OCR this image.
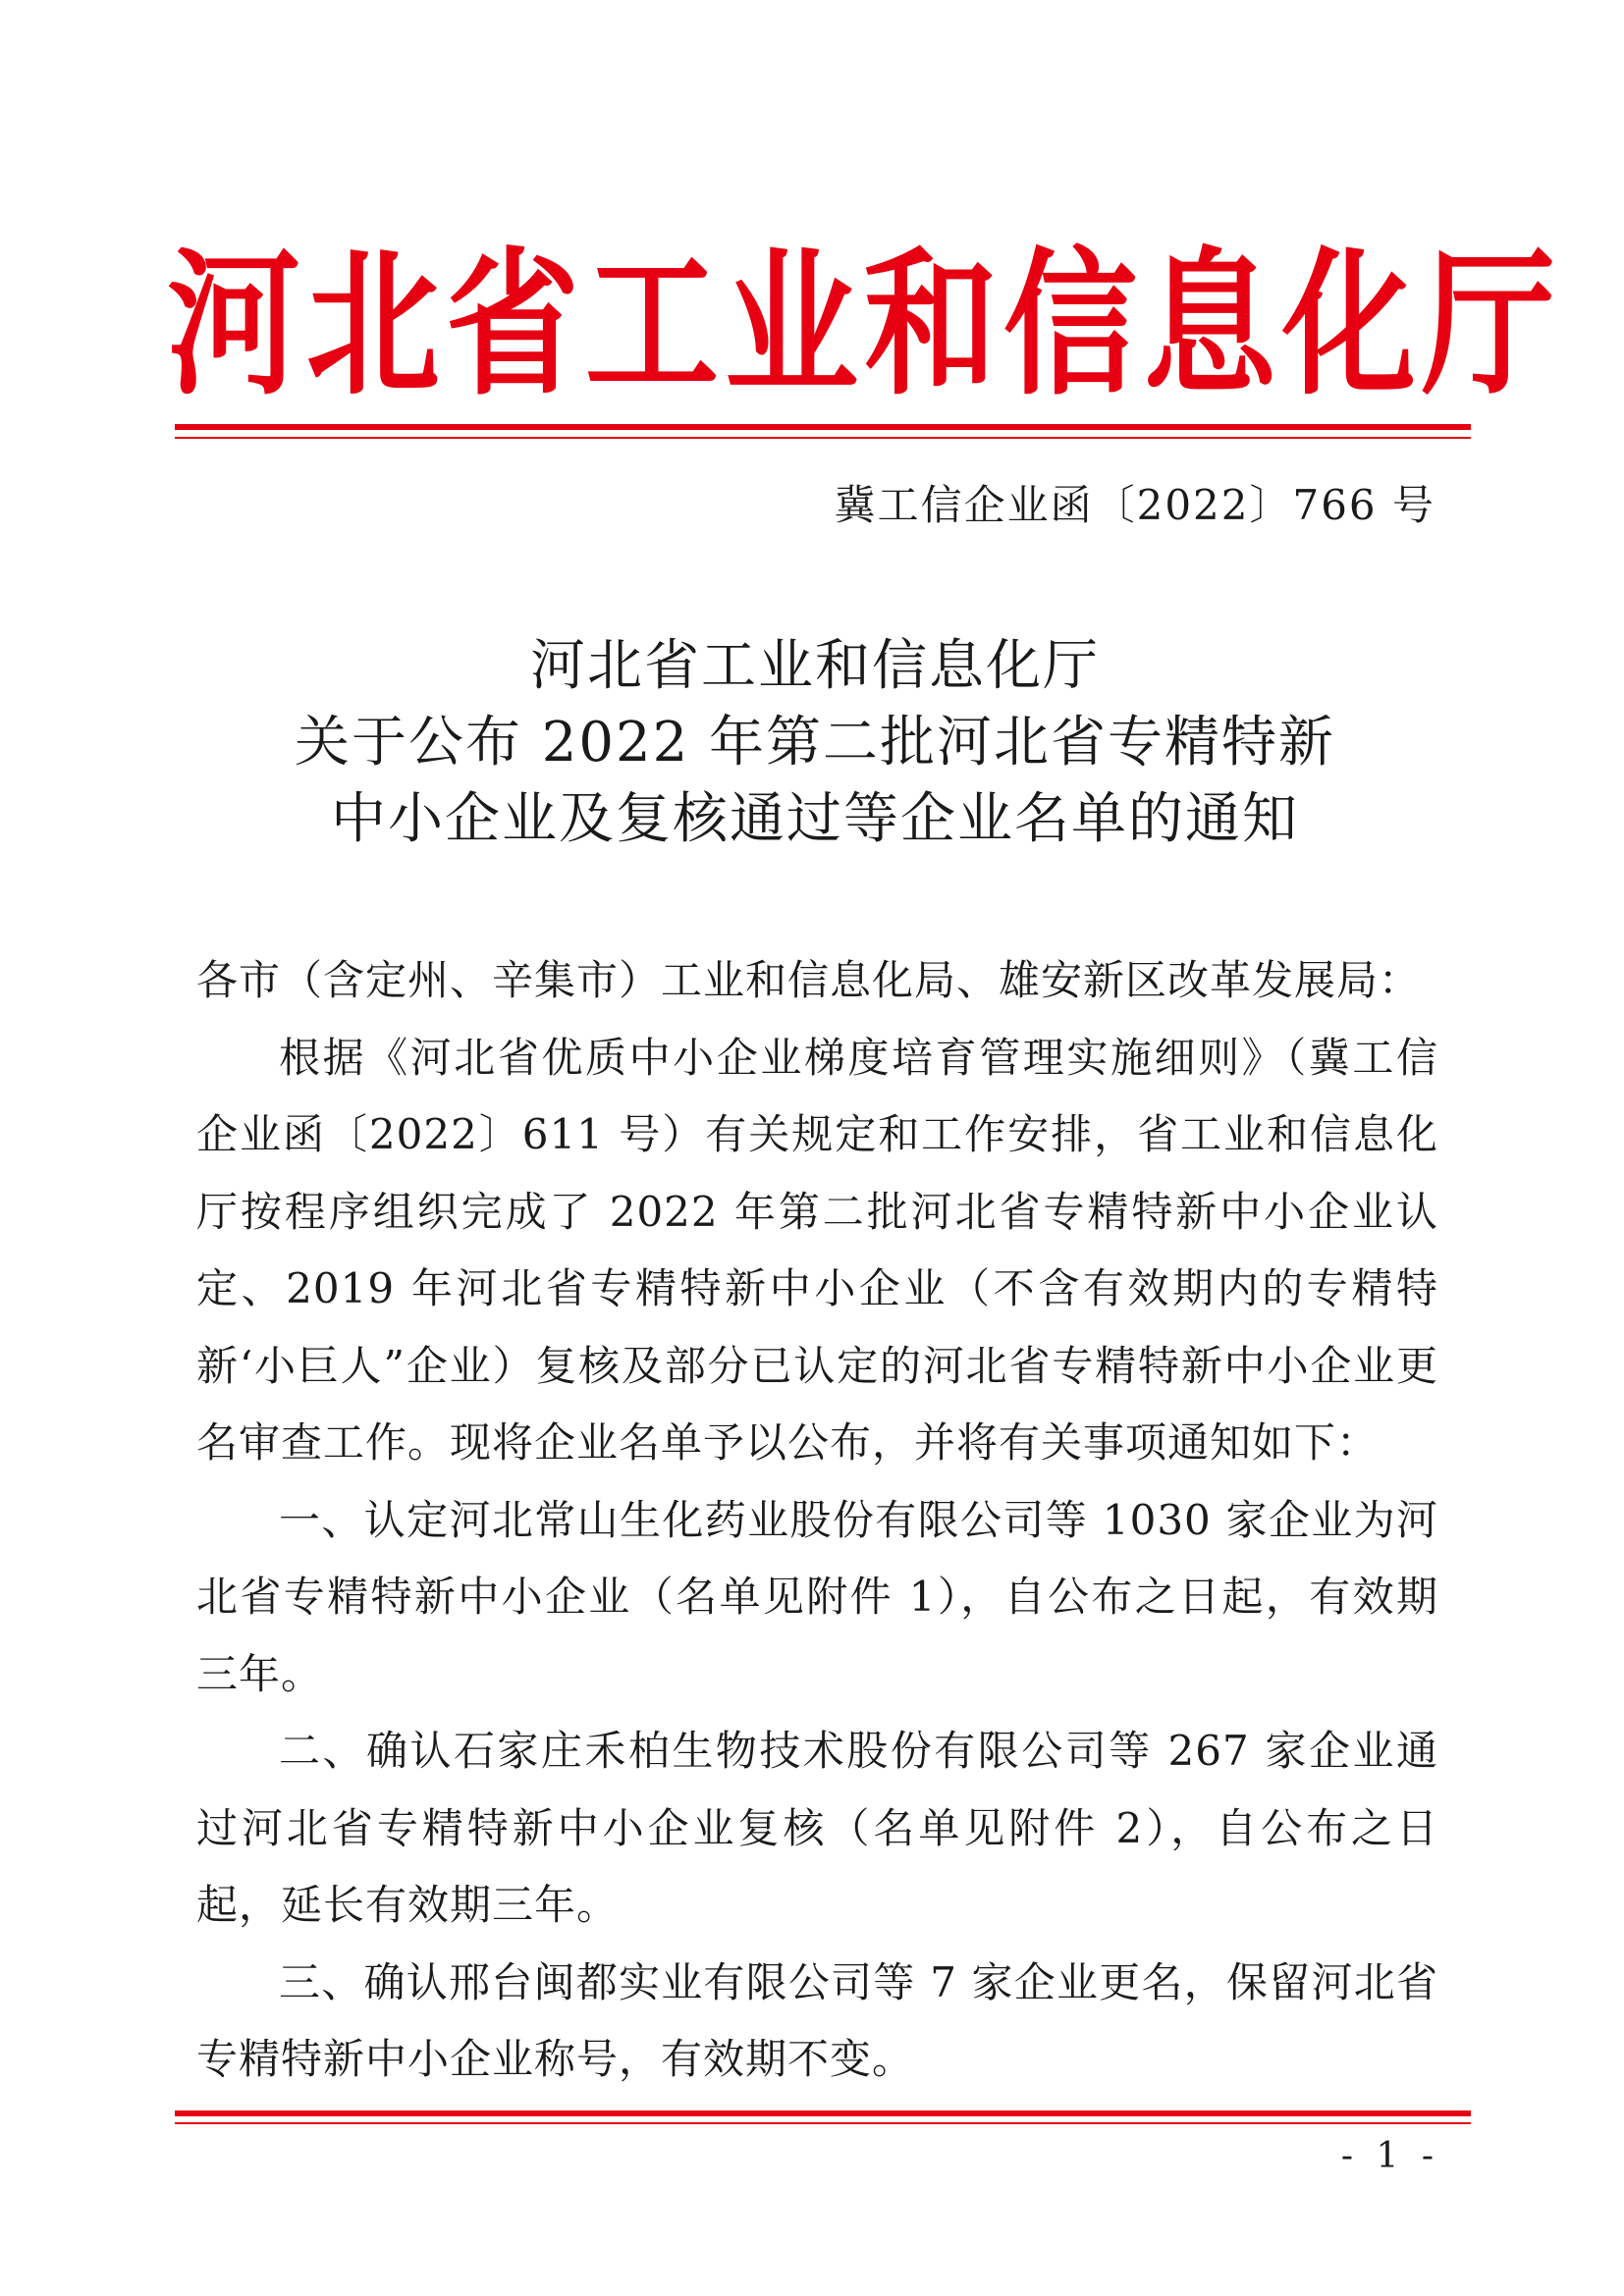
河北省工业和信息化厅
冀工信企业函〔2022〕766 号
河北省工业和信息化厅
关于公布 2022 年第二批河北省专精特新
中小企业及复核通过等企业名单的通知

各市（含定州、辛集市）工业和信息化局、雄安新区改革发展局：

根据《河北省优质中小企业梯度培育管理实施细则》（冀工信企业函〔2022〕611 号）有关规定和工作安排，省工业和信息化厅按程序组织完成了 2022 年第二批河北省专精特新中小企业认定、2019 年河北省专精特新中小企业（不含有效期内的专精特新‘小巨人”企业）复核及部分已认定的河北省专精特新中小企业更名审查工作。现将企业名单予以公布，并将有关事项通知如下：

一、认定河北常山生化药业股份有限公司等 1030 家企业为河北省专精特新中小企业（名单见附件 1），自公布之日起，有效期三年。

二、确认石家庄禾柏生物技术股份有限公司等 267 家企业通过河北省专精特新中小企业复核（名单见附件 2），自公布之日起，延长有效期三年。

三、确认邢台闽都实业有限公司等 7 家企业更名，保留河北省专精特新中小企业称号，有效期不变。

- 1 -
